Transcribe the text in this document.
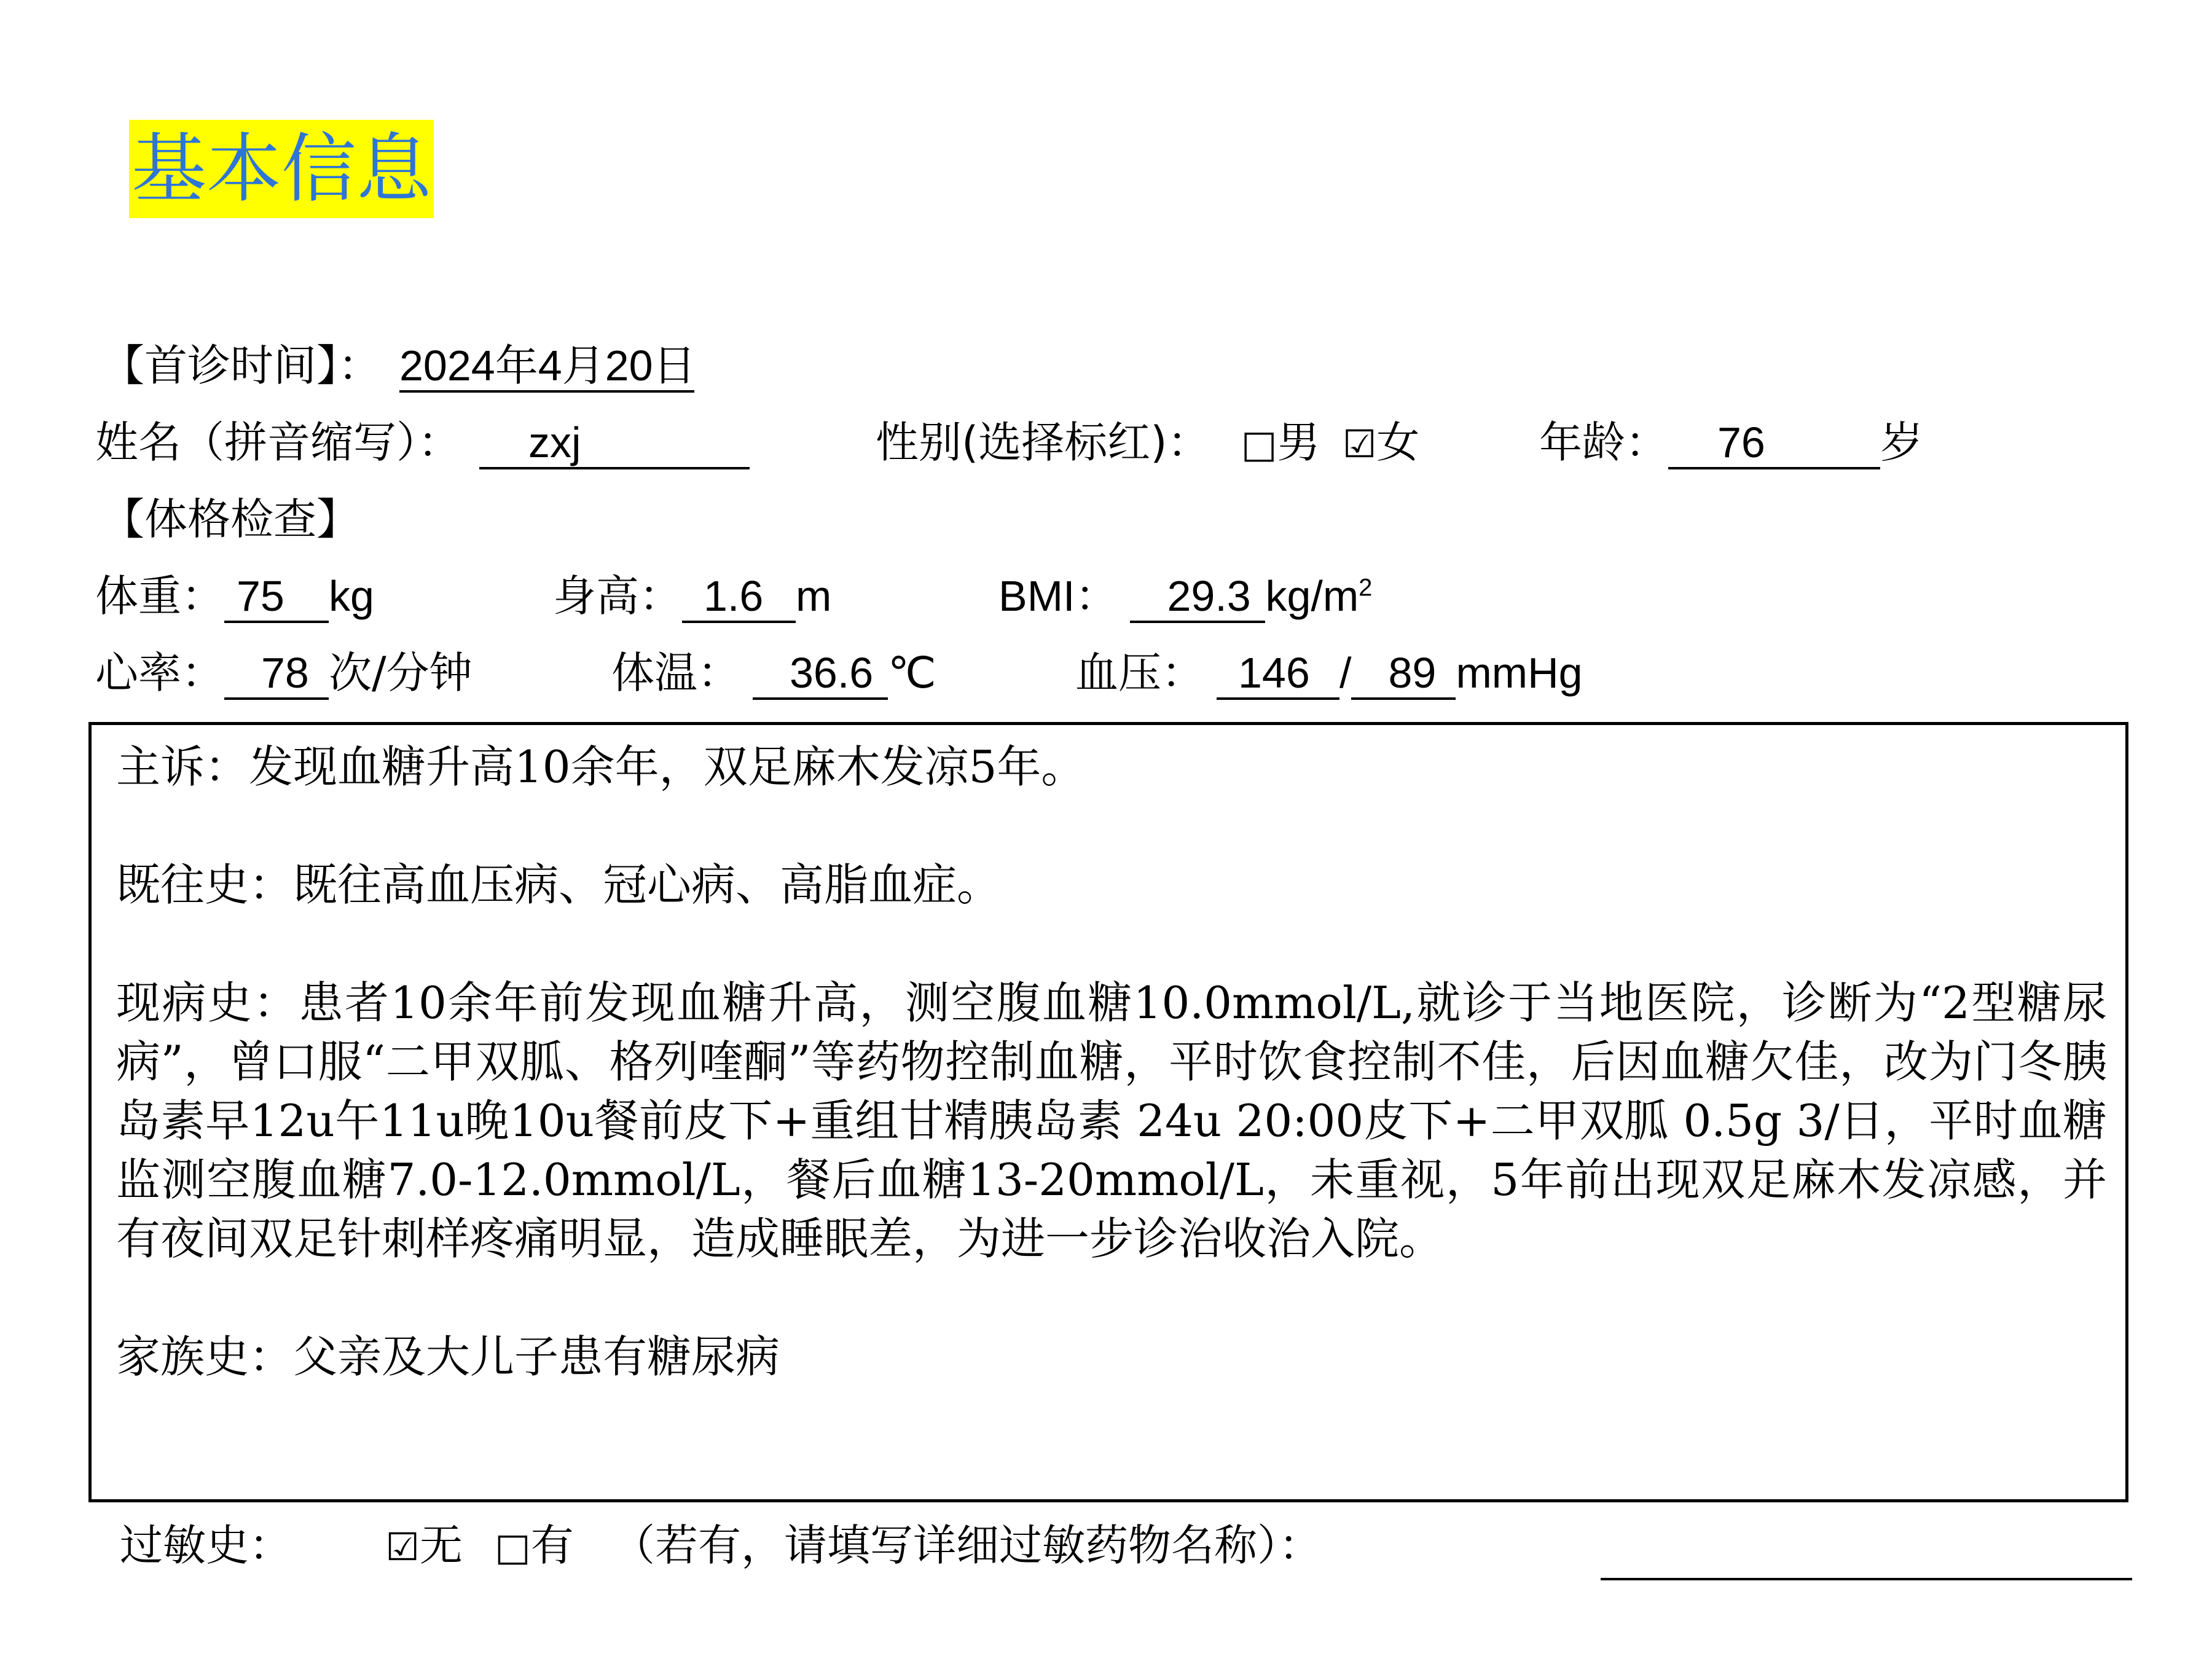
基本信息
【首诊时间】： 2024年4月20日
姓名（拼音缩写）： zxj	性别(选择标红)： □男 ☑女	年龄： 76	岁
【体格检查】
体重： 75 kg	身高： 1.6 m	BMI： 29.3 $kg/m^2$
心率： 78 次/分钟	体温： 36.6 ℃	血压： 146 / 89 mmHg
主诉：发现血糖升高10余年，双足麻木发凉5年。
既往史：既往高血压病、冠心病、高脂血症。
现病史：患者10余年前发现血糖升高，测空腹血糖10.0mmol/L,就诊于当地医院，诊断为“2型糖尿病”，曾口服“二甲双胍、格列喹酮”等药物控制血糖，平时饮食控制不佳，后因血糖欠佳，改为门冬胰岛素早12u午11u晚10u餐前皮下+重组甘精胰岛素 24u 20:00皮下+二甲双胍 0.5g 3/日，平时血糖监测空腹血糖7.0-12.0mmol/L，餐后血糖13-20mmol/L，未重视，5年前出现双足麻木发凉感，并有夜间双足针刺样疼痛明显，造成睡眠差，为进一步诊治收治入院。
家族史：父亲及大儿子患有糖尿病
过敏史： ☑无 □有 （若有，请填写详细过敏药物名称）：
